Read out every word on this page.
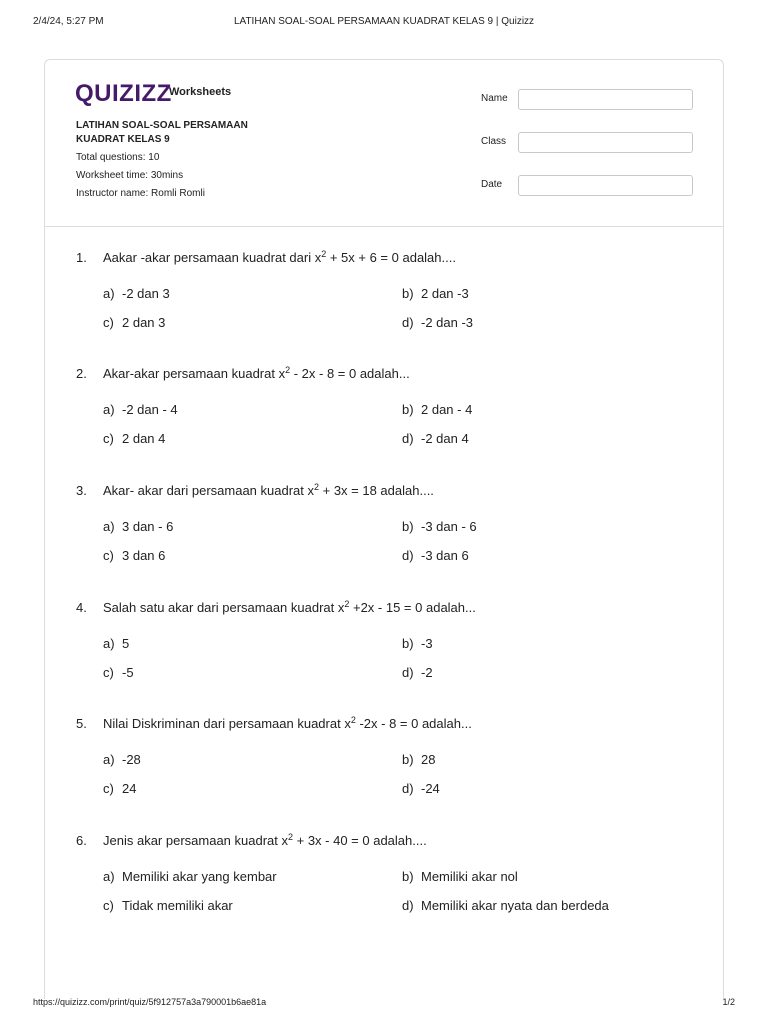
2/4/24, 5:27 PM	LATIHAN SOAL-SOAL PERSAMAAN KUADRAT KELAS 9 | Quizizz
QUIZIZZ
Worksheets
LATIHAN SOAL-SOAL PERSAMAAN KUADRAT KELAS 9
Total questions: 10
Worksheet time: 30mins
Instructor name: Romli Romli
Name
Class
Date
1. Aakar -akar persamaan kuadrat dari $x^2 + 5x + 6 = 0$ adalah....
a) -2 dan 3	b) 2 dan -3
c) 2 dan 3	d) -2 dan -3
2. Akar-akar persamaan kuadrat $x^2 - 2x - 8 = 0$ adalah...
a) -2 dan - 4	b) 2 dan - 4
c) 2 dan 4	d) -2 dan 4
3. Akar- akar dari persamaan kuadrat $x^2 + 3x = 18$ adalah....
a) 3 dan - 6	b) -3 dan - 6
c) 3 dan 6	d) -3 dan 6
4. Salah satu akar dari persamaan kuadrat $x^2 +2x - 15 = 0$ adalah...
a) 5	b) -3
c) -5	d) -2
5. Nilai Diskriminan dari persamaan kuadrat $x^2$ -2x - 8 = 0 adalah...
a) -28	b) 28
c) 24	d) -24
6. Jenis akar persamaan kuadrat $x^2 + 3x - 40 = 0$ adalah....
a) Memiliki akar yang kembar	b) Memiliki akar nol
c) Tidak memiliki akar	d) Memiliki akar nyata dan berdeda
https://quizizz.com/print/quiz/5f912757a3a790001b6ae81a	1/2
